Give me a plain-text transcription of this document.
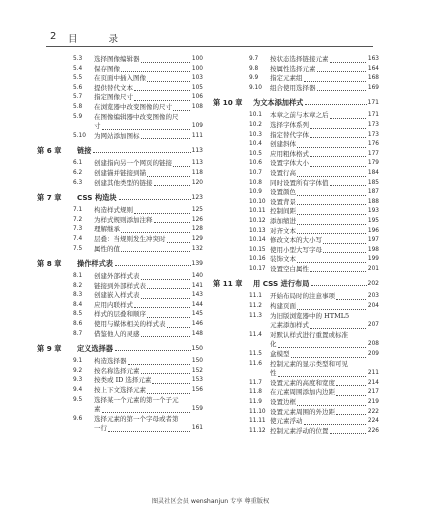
2 目 录
5.3	选择图像编辑器	100
5.4	保存图像	100
5.5	在页面中插入图像	103
5.6	提供替代文本	105
5.7	指定图像尺寸	106
5.8	在浏览器中改变图像的尺寸	108
5.9	在图像编辑器中改变图像的尺
寸	109
5.10	为网站添加图标	111
第 6 章	链接	113
6.1	创建指向另一个网页的链接	113
6.2	创建锚并链接到锚	118
6.3	创建其他类型的链接	120
第 7 章	CSS 构造块	123
7.1	构造样式规则	125
7.2	为样式规则添加注释	126
7.3	理解继承	128
7.4	层叠：当规则发生冲突时	129
7.5	属性的值	132
第 8 章	操作样式表	139
8.1	创建外部样式表	140
8.2	链接到外部样式表	141
8.3	创建嵌入样式表	143
8.4	应用内联样式	144
8.5	样式的层叠和顺序	145
8.6	使用与媒体相关的样式表	146
8.7	借鉴他人的灵感	148
第 9 章	定义选择器	150
9.1	构造选择器	150
9.2	按名称选择元素	152
9.3	按类或 ID 选择元素	153
9.4	按上下文选择元素	156
9.5	选择某一个元素的第一个子元
素	159
9.6	选择元素的第一个字母或者第
一行	161
9.7	按状态选择链接元素	163
9.8	按属性选择元素	164
9.9	指定元素组	168
9.10	组合使用选择器	169
第 10 章	为文本添加样式	171
10.1	本章之前与本章之后	171
10.2	选择字体系列	173
10.3	指定替代字体	173
10.4	创建斜体	176
10.5	应用粗体格式	177
10.6	设置字体大小	179
10.7	设置行高	184
10.8	同时设置所有字体值	185
10.9	设置颜色	187
10.10 设置背景	188
10.11 控制间距	193
10.12 添加缩进	195
10.13 对齐文本	196
10.14 修改文本的大小写	197
10.15 使用小型大写字母	198
10.16 装饰文本	199
10.17 设置空白属性	201
第 11 章	用 CSS 进行布局	202
11.1	开始布局时的注意事项	203
11.2	构建页面	204
11.3	为旧版浏览器中的 HTML5
元素添加样式	207
11.4	对默认样式进行重置或标准
化	208
11.5	盒模型	209
11.6	控制元素的显示类型和可见
性	211
11.7	设置元素的高度和宽度	214
11.8	在元素周围添加内边距	217
11.9	设置边框	219
11.10 设置元素周围的外边距	222
11.11 使元素浮动	224
11.12 控制元素浮动的位置	226
图灵社区会员 wenshanjun 专享 尊重版权
